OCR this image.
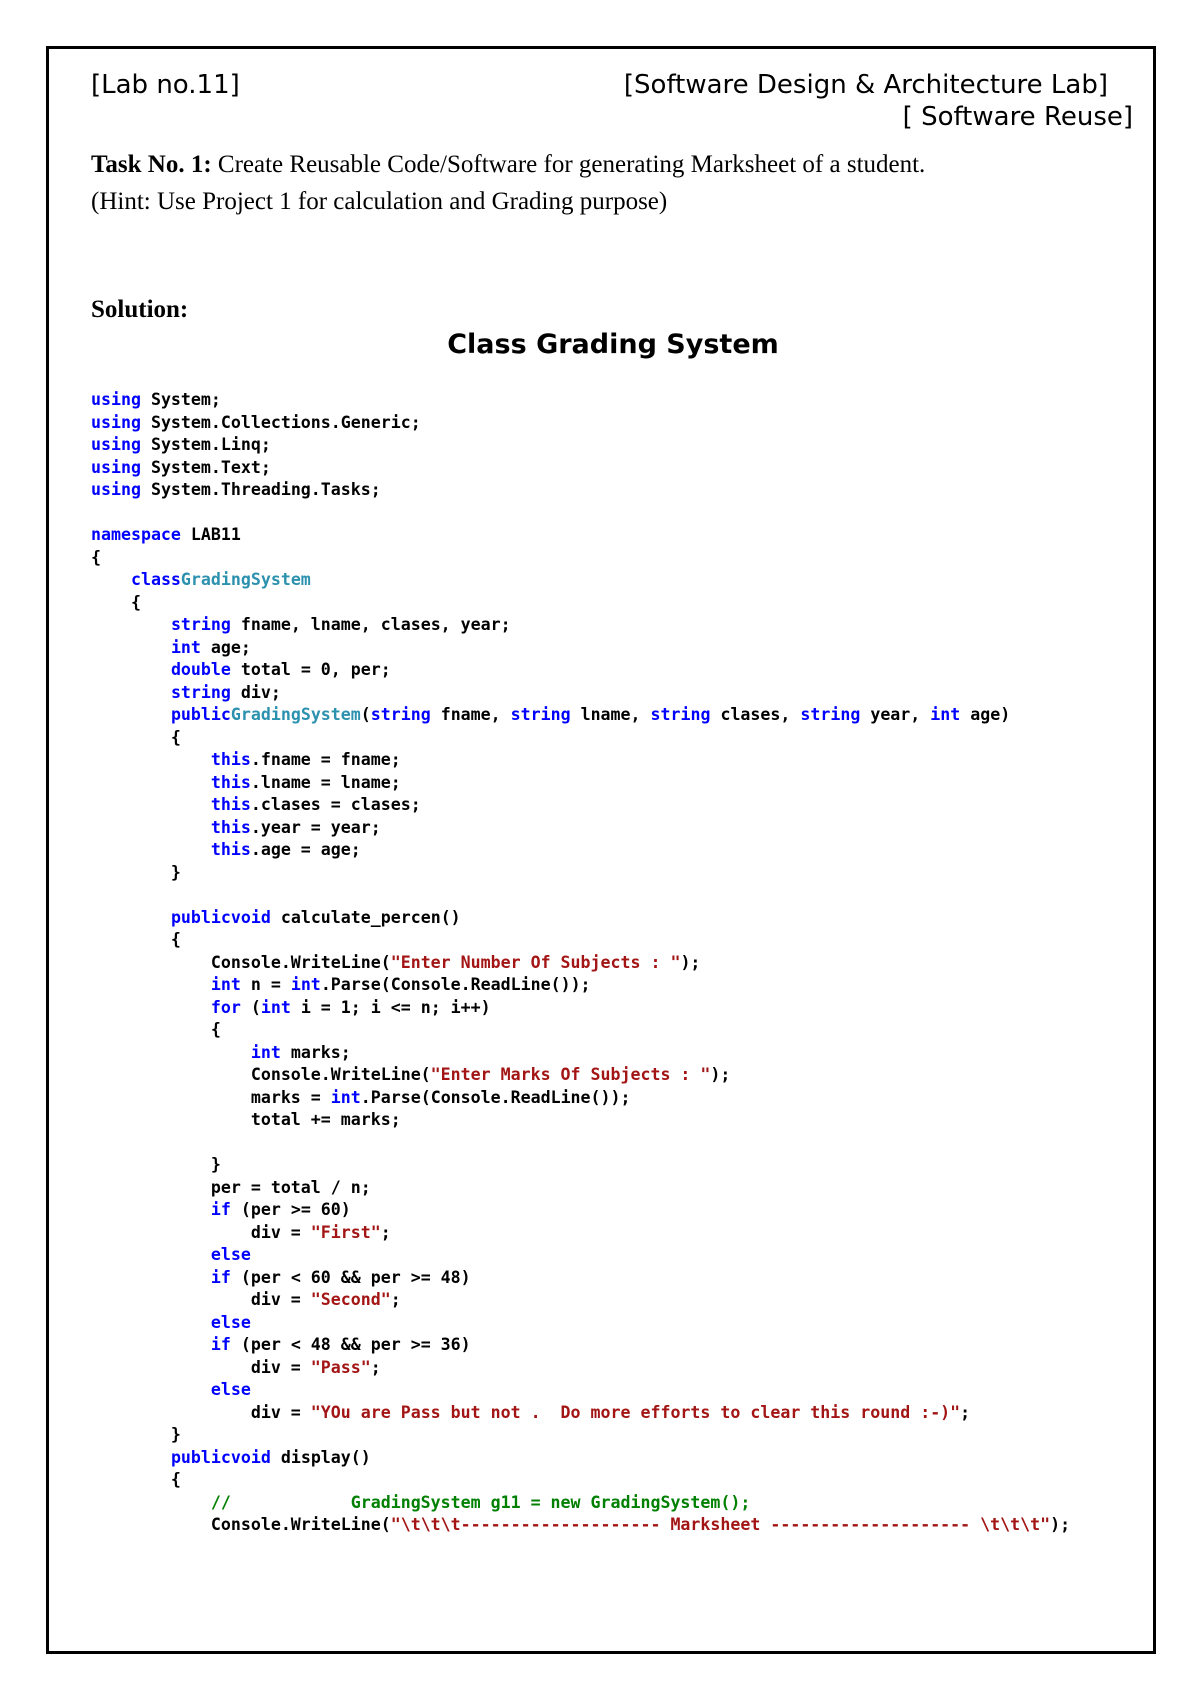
[Lab no.11]	[Software Design & Architecture Lab]
[ Software Reuse]
Task No. 1: Create Reusable Code/Software for generating Marksheet of a student.
(Hint: Use Project 1 for calculation and Grading purpose)
Solution:
Class Grading System
using System;
using System.Collections.Generic;
using System.Linq;
using System.Text;
using System.Threading.Tasks;
namespace LAB11
{
classGradingSystem
{
string fname, lname, clases, year;
int age;
double total = 0, per;
string div;
publicGradingSystem(string fname, string lname, string clases, string year, int age)
{
this.fname = fname;
this.lname = lname;
this.clases = clases;
this.year = year;
this.age = age;
}
publicvoid calculate_percen()
{
Console.WriteLine("Enter Number Of Subjects : ");
int n = int.Parse(Console.ReadLine());
for (int i = 1; i <= n; i++)
{
int marks;
Console.WriteLine("Enter Marks Of Subjects : ");
marks = int.Parse(Console.ReadLine());
total += marks;
}
per = total / n;
if (per >= 60)
div = "First";
else
if (per < 60 && per >= 48)
div = "Second";
else
if (per < 48 && per >= 36)
div = "Pass";
else
div = "YOu are Pass but not .  Do more efforts to clear this round :-)";
}
publicvoid display()
{
//            GradingSystem g11 = new GradingSystem();
Console.WriteLine("\t\t\t-------------------- Marksheet -------------------- \t\t\t");
